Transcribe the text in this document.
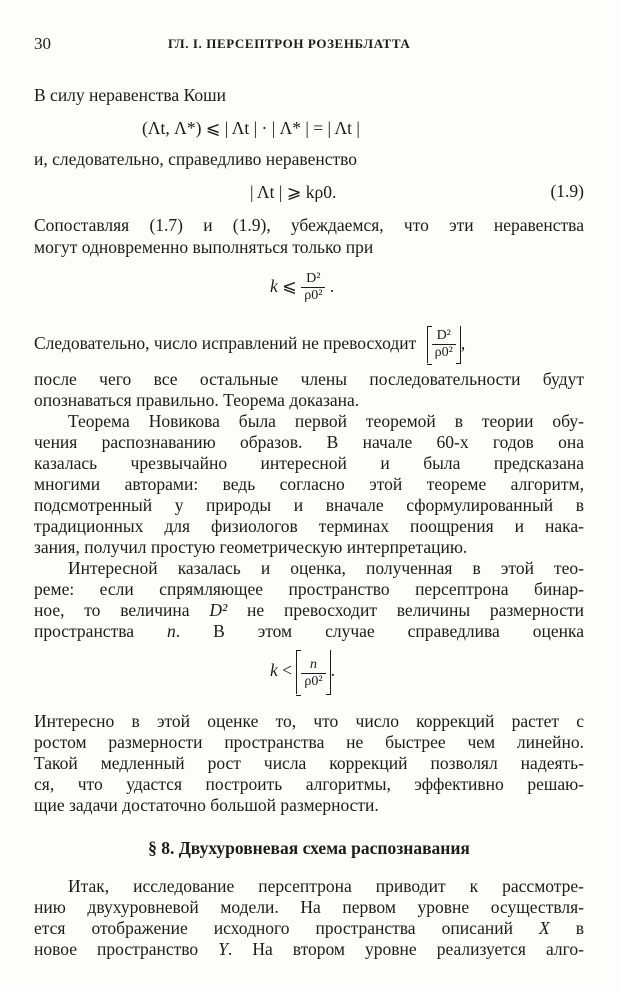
30	ГЛ. I. ПЕРСЕПТРОН РОЗЕНБЛАТТА
В силу неравенства Коши
(Λt, Λ*) ⩽ | Λt | · | Λ* | = | Λt |
и, следовательно, справедливо неравенство
| Λt | ⩾ kρ0.	(1.9)
Сопоставляя (1.7) и (1.9), убеждаемся, что эти неравенства
могут одновременно выполняться только при
k ⩽ $\frac{\text{D²}}{\text{ρ0²}}$ .
Следовательно, число исправлений не превосходит $\frac{\text{D²}}{\text{ρ0²}}$ ,
после чего все остальные члены последовательности будут
опознаваться правильно. Теорема доказана.
Теорема Новикова была первой теоремой в теории обу-
чения распознаванию образов. В начале 60-х годов она
казалась чрезвычайно интересной и была предсказана
многими авторами: ведь согласно этой теореме алгоритм,
подсмотренный у природы и вначале сформулированный в
традиционных для физиологов терминах поощрения и нака-
зания, получил простую геометрическую интерпретацию.
Интересной казалась и оценка, полученная в этой тео-
реме: если спрямляющее пространство персептрона бинар-
ное, то величина D² не превосходит величины размерности
пространства n. В этом случае справедлива оценка
$k < \frac{n}{\text{ρ0²}}$ .
Интересно в этой оценке то, что число коррекций растет с
ростом размерности пространства не быстрее чем линейно.
Такой медленный рост числа коррекций позволял надеять-
ся, что удастся построить алгоритмы, эффективно решаю-
щие задачи достаточно большой размерности.
§ 8. Двухуровневая схема распознавания
Итак, исследование персептрона приводит к рассмотре-
нию двухуровневой модели. На первом уровне осуществля-
ется отображение исходного пространства описаний X в
новое пространство Y. На втором уровне реализуется алго-
